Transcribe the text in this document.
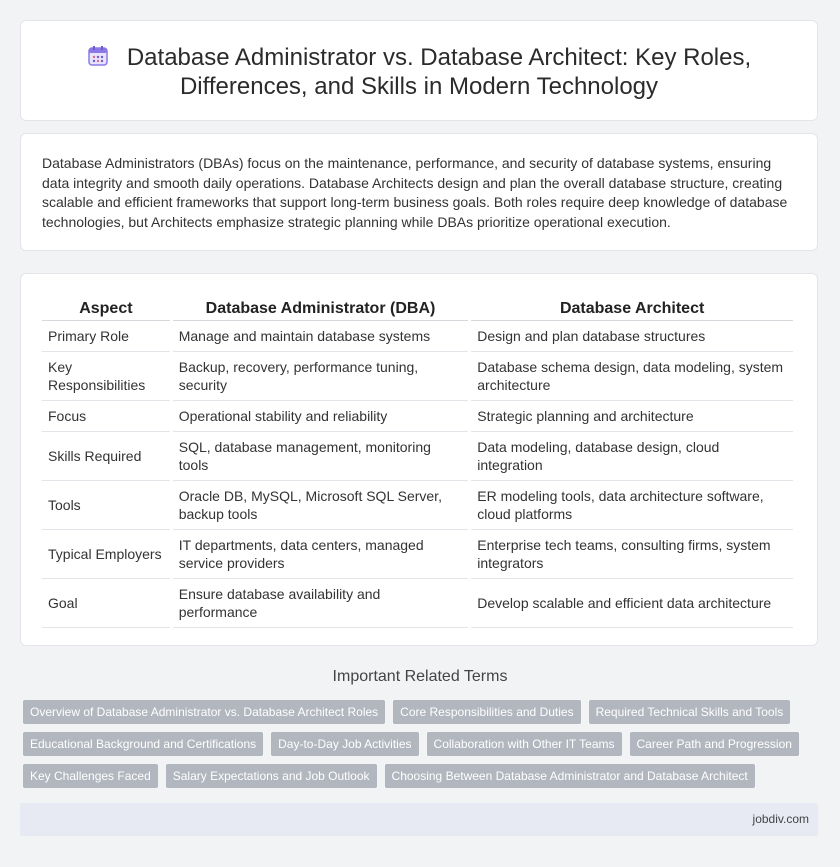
Database Administrator vs. Database Architect: Key Roles, Differences, and Skills in Modern Technology
Database Administrators (DBAs) focus on the maintenance, performance, and security of database systems, ensuring data integrity and smooth daily operations. Database Architects design and plan the overall database structure, creating scalable and efficient frameworks that support long-term business goals. Both roles require deep knowledge of database technologies, but Architects emphasize strategic planning while DBAs prioritize operational execution.
Aspect	Database Administrator (DBA)	Database Architect
Primary Role	Manage and maintain database systems	Design and plan database structures
Key Responsibilities	Backup, recovery, performance tuning, security	Database schema design, data modeling, system architecture
Focus	Operational stability and reliability	Strategic planning and architecture
Skills Required	SQL, database management, monitoring tools	Data modeling, database design, cloud integration
Tools	Oracle DB, MySQL, Microsoft SQL Server, backup tools	ER modeling tools, data architecture software, cloud platforms
Typical Employers	IT departments, data centers, managed service providers	Enterprise tech teams, consulting firms, system integrators
Goal	Ensure database availability and performance	Develop scalable and efficient data architecture
Important Related Terms
Overview of Database Administrator vs. Database Architect Roles	Core Responsibilities and Duties	Required Technical Skills and Tools
Educational Background and Certifications	Day-to-Day Job Activities	Collaboration with Other IT Teams	Career Path and Progression
Key Challenges Faced	Salary Expectations and Job Outlook	Choosing Between Database Administrator and Database Architect
jobdiv.com
